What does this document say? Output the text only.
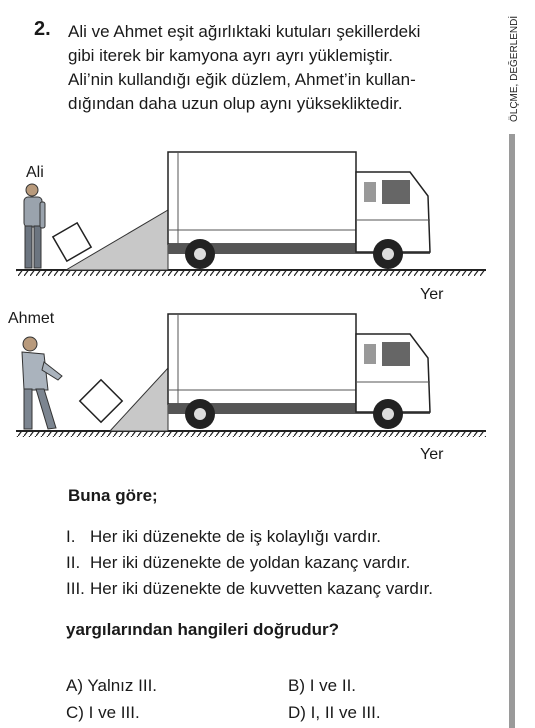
2. Ali ve Ahmet eşit ağırlıktaki kutuları şekillerdeki
gibi iterek bir kamyona ayrı ayrı yüklemiştir.
Ali’nin kullandığı eğik düzlem, Ahmet’in kullan-
dığından daha uzun olup aynı yüksekliktedir.	ÖLÇME, DEĞERLENDİ
Ali
Ahmet
Yer
Yer
Buna göre;
I. Her iki düzenekte de iş kolaylığı vardır.
II. Her iki düzenekte de yoldan kazanç vardır.
III. Her iki düzenekte de kuvvetten kazanç vardır.
yargılarından hangileri doğrudur?
A) Yalnız III.	B) I ve II.
C) I ve III.	D) I, II ve III.
